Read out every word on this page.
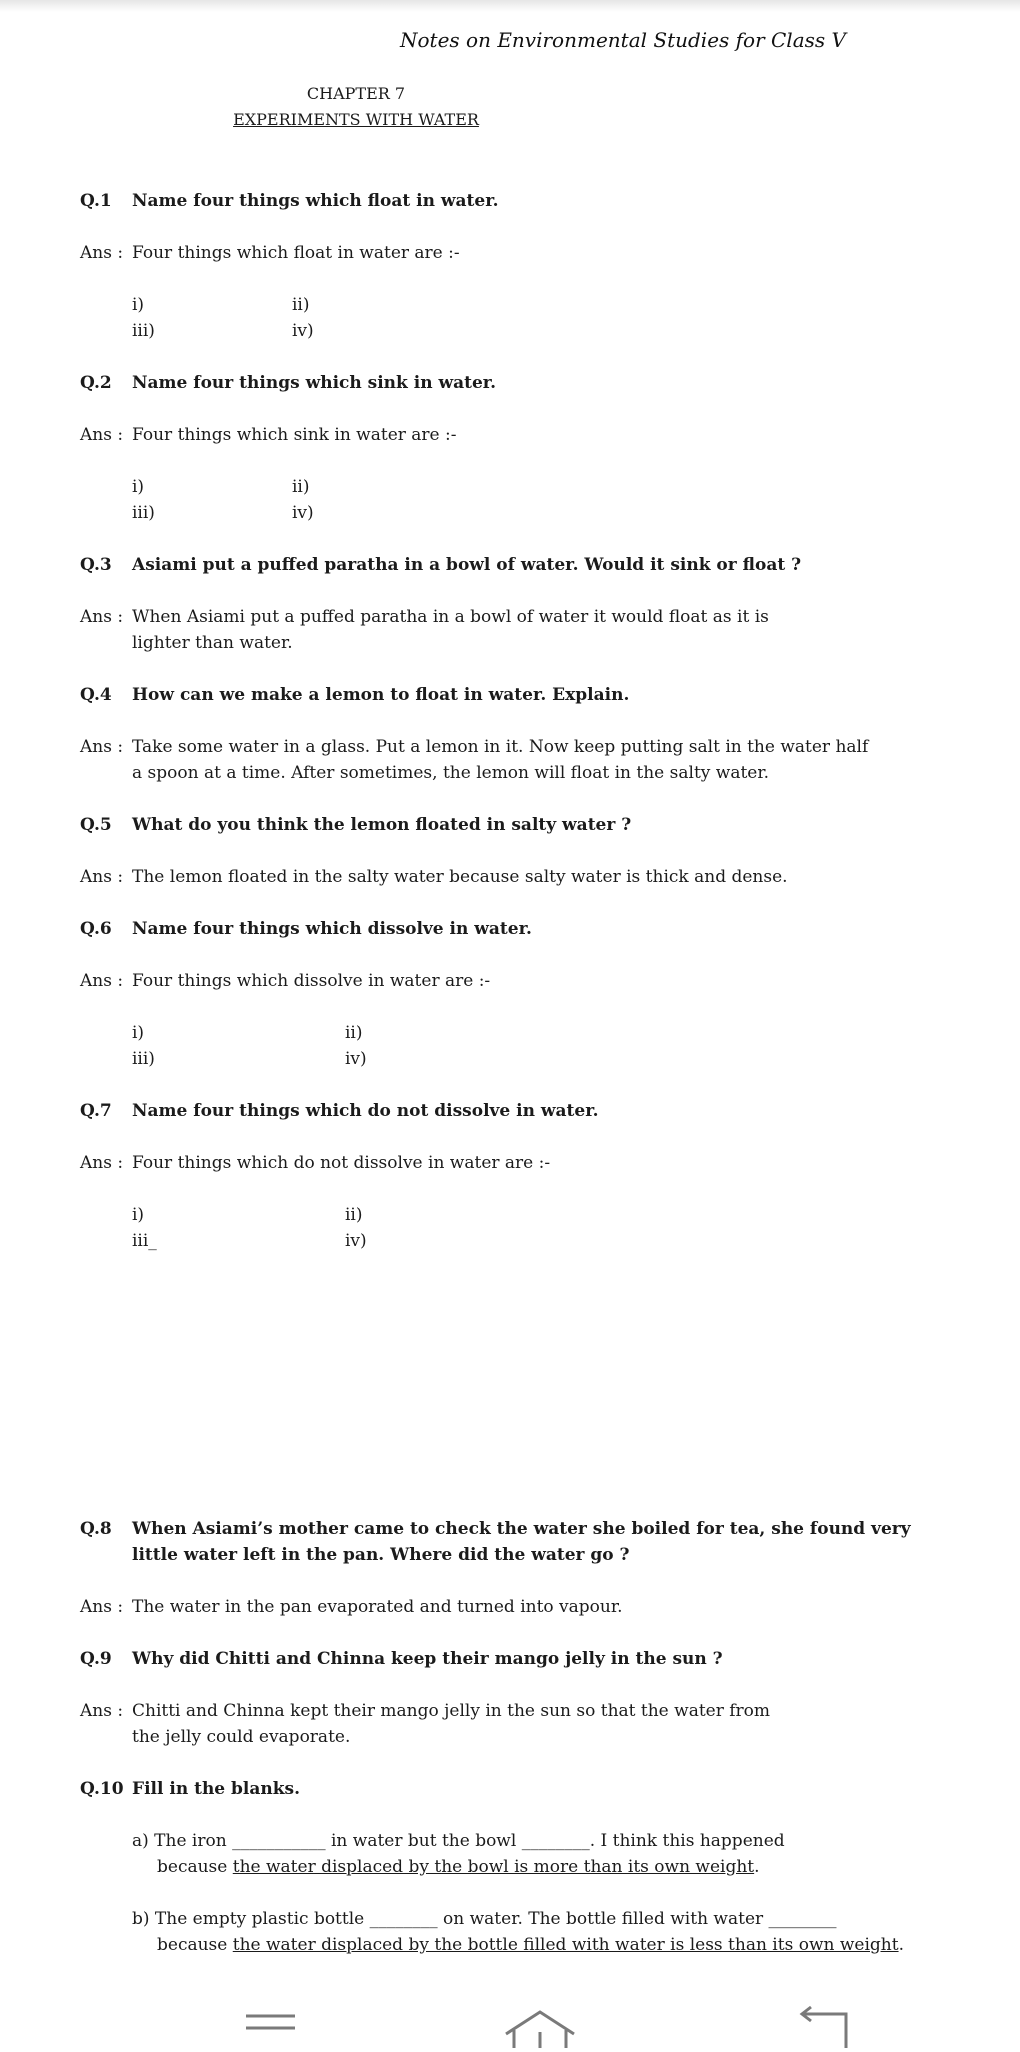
Notes on Environmental Studies for Class V
CHAPTER 7
EXPERIMENTS WITH WATER
Q.1 Name four things which float in water.
Ans : Four things which float in water are :-
i)	ii)
iii)	iv)
Q.2 Name four things which sink in water.
Ans : Four things which sink in water are :-
i)	ii)
iii)	iv)
Q.3 Asiami put a puffed paratha in a bowl of water. Would it sink or float ?
Ans : When Asiami put a puffed paratha in a bowl of water it would float as it is
lighter than water.
Q.4 How can we make a lemon to float in water. Explain.
Ans : Take some water in a glass. Put a lemon in it. Now keep putting salt in the water half
a spoon at a time. After sometimes, the lemon will float in the salty water.
Q.5 What do you think the lemon floated in salty water ?
Ans : The lemon floated in the salty water because salty water is thick and dense.
Q.6 Name four things which dissolve in water.
Ans : Four things which dissolve in water are :-
i)	ii)
iii)	iv)
Q.7 Name four things which do not dissolve in water.
Ans : Four things which do not dissolve in water are :-
i)	ii)
iii_	iv)
Q.8 When Asiami’s mother came to check the water she boiled for tea, she found very
little water left in the pan. Where did the water go ?
Ans : The water in the pan evaporated and turned into vapour.
Q.9 Why did Chitti and Chinna keep their mango jelly in the sun ?
Ans : Chitti and Chinna kept their mango jelly in the sun so that the water from
the jelly could evaporate.
Q.10 Fill in the blanks.
a) The iron ___________ in water but the bowl ________. I think this happened
because the water displaced by the bowl is more than its own weight.
b) The empty plastic bottle ________ on water. The bottle filled with water ________
because the water displaced by the bottle filled with water is less than its own weight.
